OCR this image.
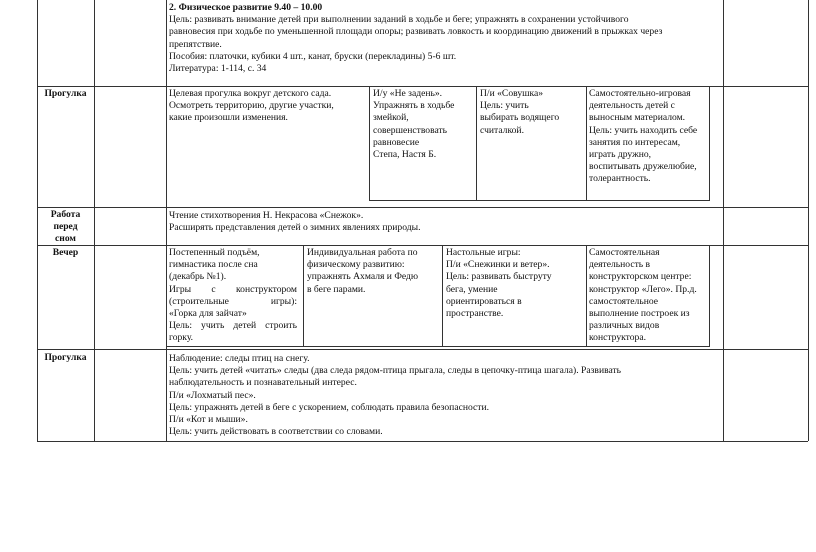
2. Физическое развитие 9.40 – 10.00
Цель: развивать внимание детей при выполнении заданий в ходьбе и беге; упражнять в сохранении устойчивого
равновесия при ходьбе по уменьшенной площади опоры; развивать ловкость и координацию движений в прыжках через
препятствие.
Пособия: платочки, кубики 4 шт., канат, бруски (перекладины) 5-6 шт.
Литература: 1-114, с. 34
Прогулка	Целевая прогулка вокруг детского сада.
Осмотреть территорию, другие участки,
какие произошли изменения.
И/у «Не задень».
Упражнять в ходьбе
змейкой,
совершенствовать
равновесие
Степа, Настя Б.
П/и «Совушка»
Цель: учить
выбирать водящего
считалкой.
Самостоятельно-игровая
деятельность детей с
выносным материалом.
Цель: учить находить себе
занятия по интересам,
играть дружно,
воспитывать дружелюбие,
толерантность.
Работа
перед
сном
Чтение стихотворения Н. Некрасова «Снежок».
Расширять представления детей о зимних явлениях природы.
Вечер	Постепенный подъём,
гимнастика после сна
(декабрь №1).
Игры с конструктором
(строительные	игры):
«Горка для зайчат»
Цель: учить детей строить
горку.
Индивидуальная работа по
физическому развитию:
упражнять Ахмаля и Федю
в беге парами.
Настольные игры:
П/и «Снежинки и ветер».
Цель: развивать быструту
бега, умение
ориентироваться в
пространстве.
Самостоятельная
деятельность в
конструкторском центре:
конструктор «Лего». Пр.д.
самостоятельное
выполнение построек из
различных видов
конструктора.
Прогулка	Наблюдение: следы птиц на снегу.
Цель: учить детей «читать» следы (два следа рядом-птица прыгала, следы в цепочку-птица шагала). Развивать
наблюдательность и познавательный интерес.
П/и «Лохматый пес».
Цель: упражнять детей в беге с ускорением, соблюдать правила безопасности.
П/и «Кот и мыши».
Цель: учить действовать в соответствии со словами.
